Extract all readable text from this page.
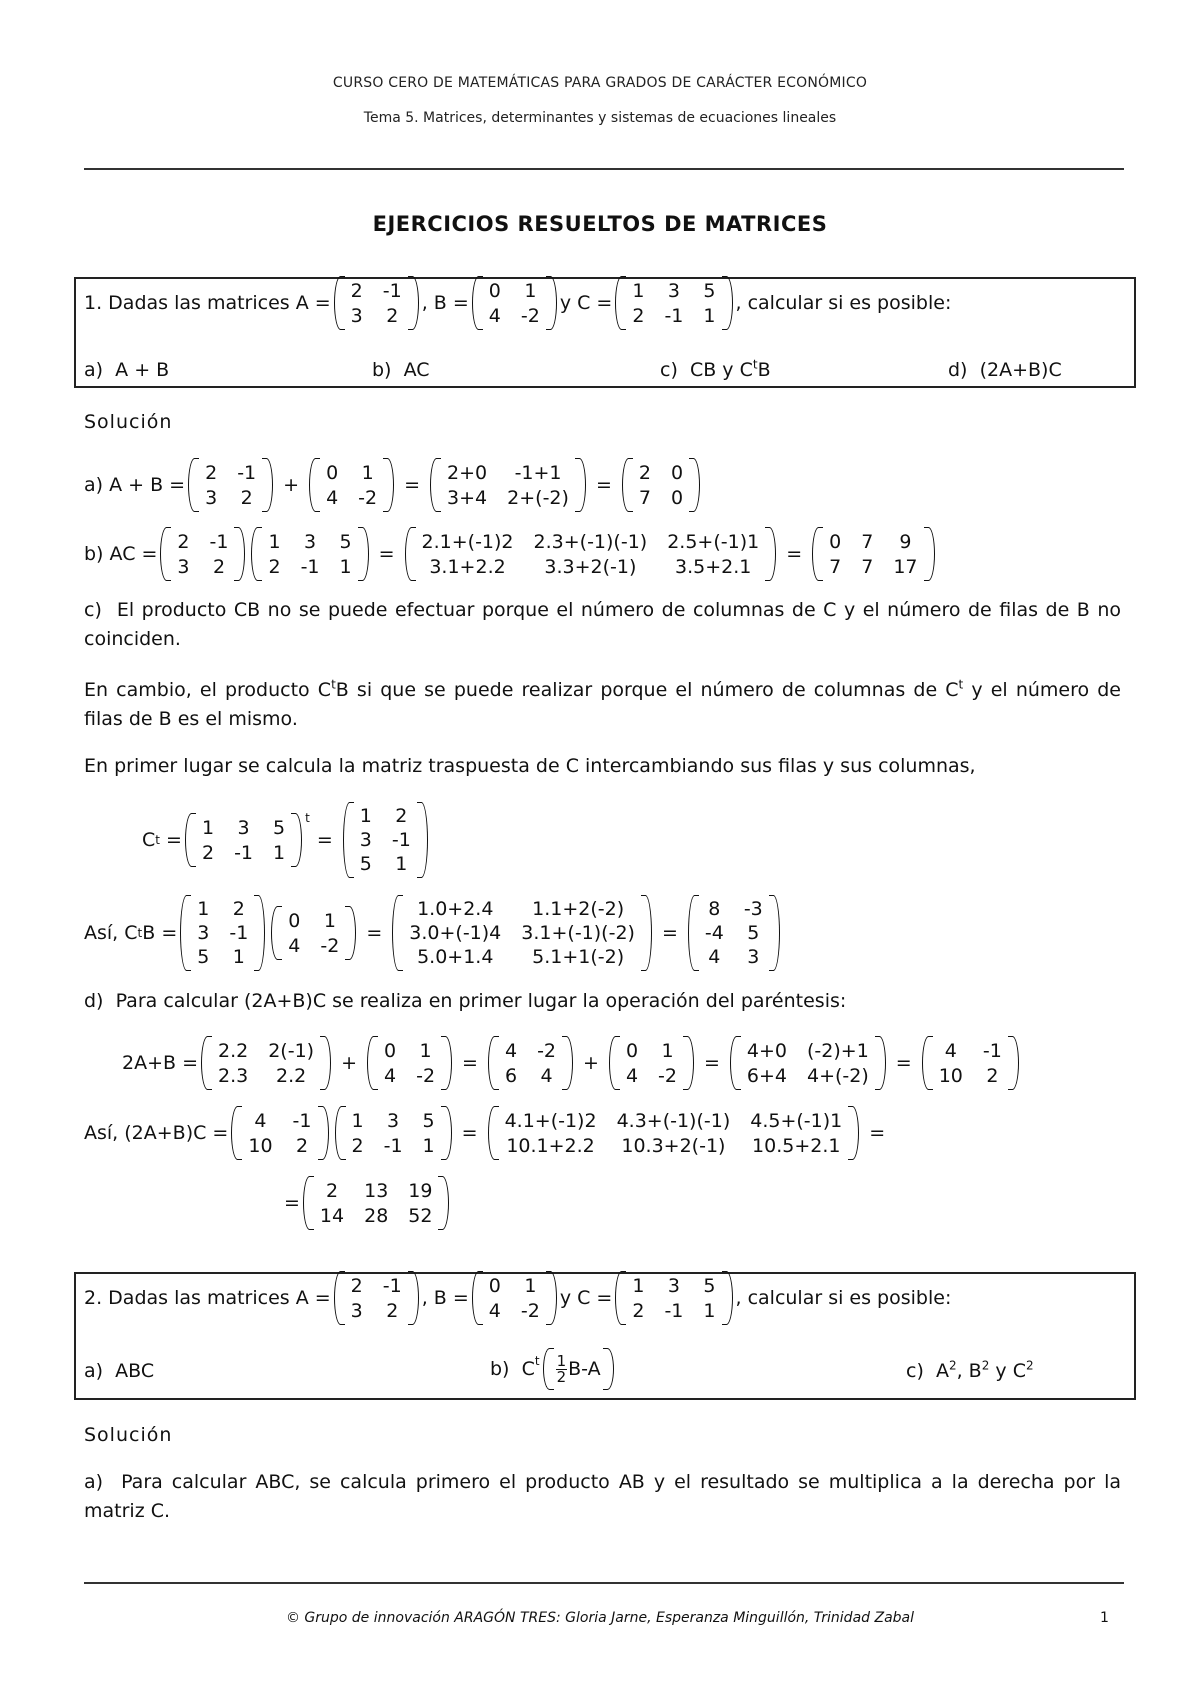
CURSO CERO DE MATEMÁTICAS PARA GRADOS DE CARÁCTER ECONÓMICO
Tema 5. Matrices, determinantes y sistemas de ecuaciones lineales
EJERCICIOS RESUELTOS DE MATRICES
1. Dadas las matrices A =
2 -1
3 2
, B =
0 1
4 -2
y C =
1 3 5
2 -1 1
, calcular si es posible:
a) A + B	b) AC	c) CB y $C^tB$	d) (2A+B)C
Solución
a)
A + B =
2 -1
3 2
+
0 1
4 -2
=
2+0 -1+1
3+4 2+(-2)
=
2 0
7 0
b)
AC =
2 -1
3 2
1 3 5
2 -1 1
=
2.1+(-1)2 2.3+(-1)(-1) 2.5+(-1)1
3.1+2.2 3.3+2(-1) 3.5+2.1
=
0 7 9
7 7 17
c) El producto CB no se puede efectuar porque el número de columnas de C y el número de filas de B no coinciden.
En cambio, el producto $C^tB$ si que se puede realizar porque el número de columnas de $C^t$ y el número de filas de B es el mismo.
En primer lugar se calcula la matriz traspuesta de C intercambiando sus filas y sus columnas,
C t
=
1 3 5
2 -1 1
$^t$
=
1 2
3 -1
5 1
Así, C t B =
1 2
3 -1
5 1
0 1
4 -2
=
1.0+2.4 1.1+2(-2)
3.0+(-1)4 3.1+(-1)(-2)
5.0+1.4 5.1+1(-2)
=
8 -3
-4 5
4 3
d) Para calcular (2A+B)C se realiza en primer lugar la operación del paréntesis:
2A+B =
2.2 2(-1)
2.3 2.2
+
0 1
4 -2
=
4 -2
6 4
+
0 1
4 -2
=
4+0 (-2)+1
6+4 4+(-2)
=
4 -1
10 2
Así, (2A+B)C =
4 -1
10 2
1 3 5
2 -1 1
=
4.1+(-1)2 4.3+(-1)(-1) 4.5+(-1)1
10.1+2.2 10.3+2(-1) 10.5+2.1
=
=
2 13 19
14 28 52
2. Dadas las matrices A =
2 -1
3 2
, B =
0 1
4 -2
y C =
1 3 5
2 -1 1
, calcular si es posible:
a) ABC	b)
$C^t \frac{1}{2} B-A$	c) $A^2$, $B^2$ y $C^2$
Solución
a) Para calcular ABC, se calcula primero el producto AB y el resultado se multiplica a la derecha por la matriz C.
© Grupo de innovación ARAGÓN TRES: Gloria Jarne, Esperanza Minguillón, Trinidad Zabal	1
